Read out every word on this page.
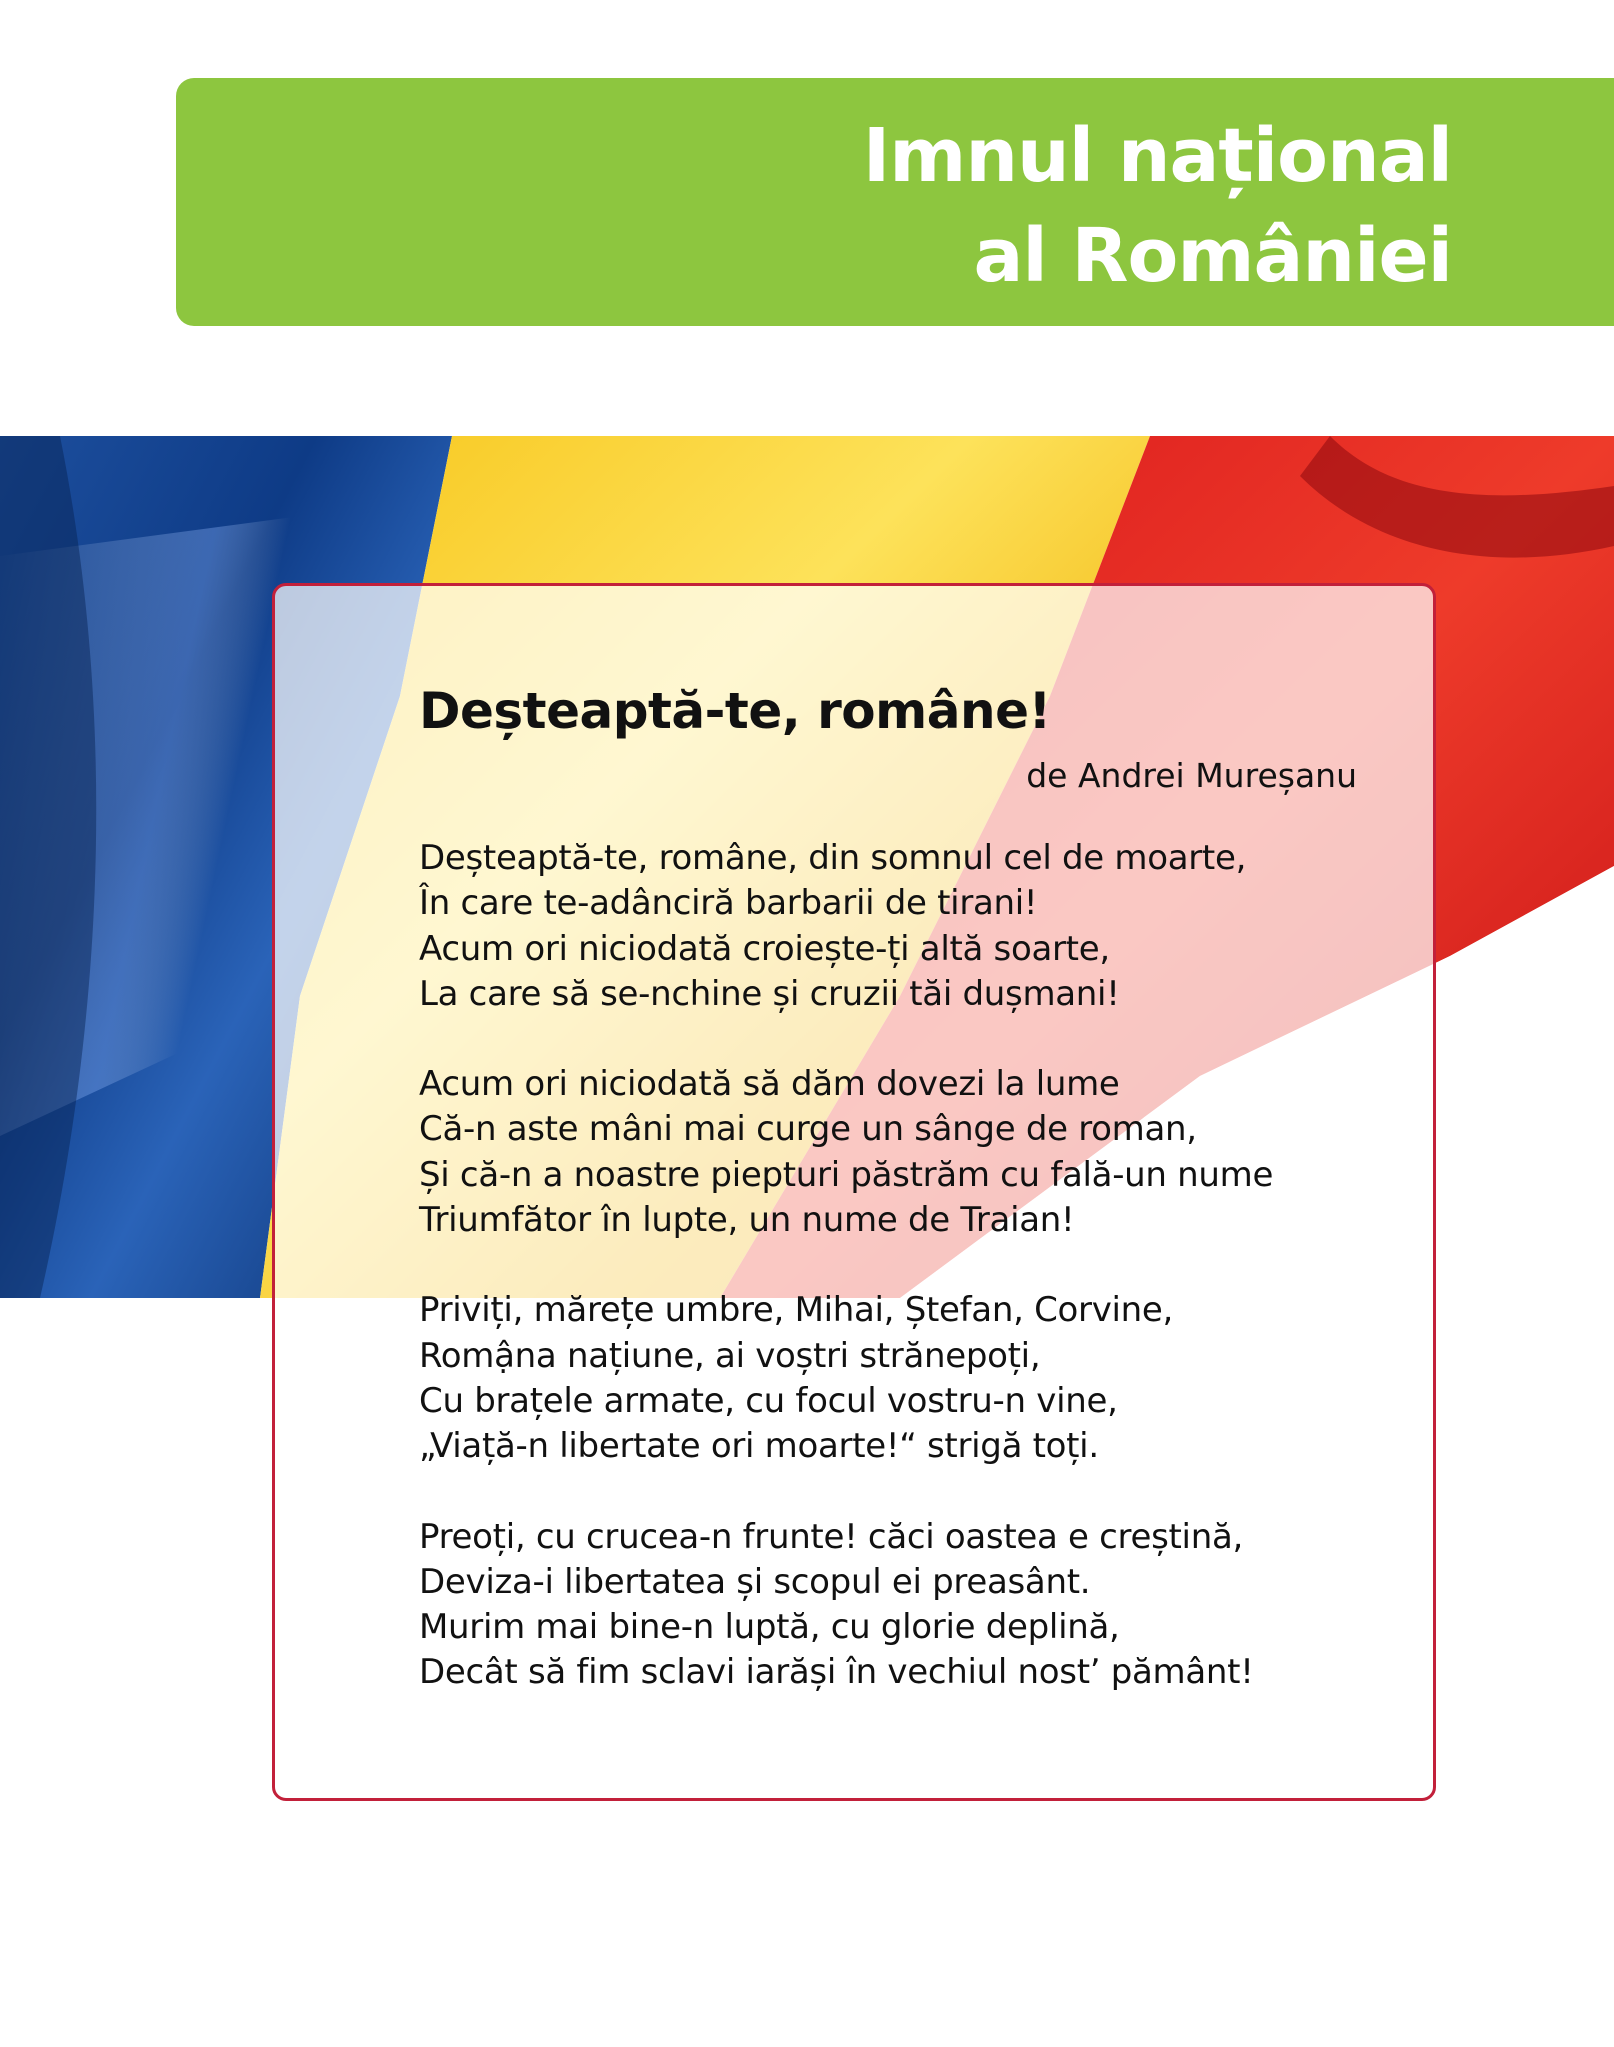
Imnul național
al României
Deșteaptă-te, române!

de Andrei Mureșanu

Deșteaptă-te, române, din somnul cel de moarte,
În care te-adânciră barbarii de tirani!
Acum ori niciodată croiește-ți altă soarte,
La care să se-nchine și cruzii tăi dușmani!

Acum ori niciodată să dăm dovezi la lume
Că-n aste mâni mai curge un sânge de roman,
Și că-n a noastre piepturi păstrăm cu fală-un nume
Triumfător în lupte, un nume de Traian!

Priviți, mărețe umbre, Mihai, Ștefan, Corvine,
Romậna națiune, ai voștri strănepoți,
Cu brațele armate, cu focul vostru-n vine,
„Viață-n libertate ori moarte!“ strigă toți.

Preoți, cu crucea-n frunte! căci oastea e creștină,
Deviza-i libertatea și scopul ei preasânt.
Murim mai bine-n luptă, cu glorie deplină,
Decât să fim sclavi iarăși în vechiul nost’ pământ!
